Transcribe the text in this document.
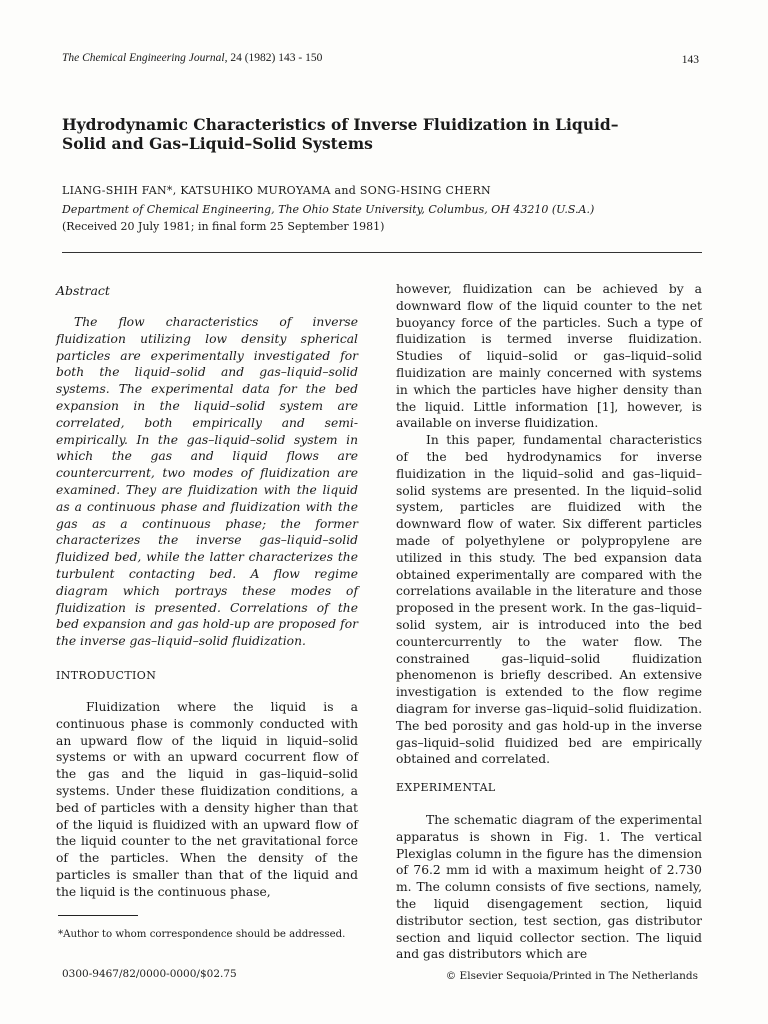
The Chemical Engineering Journal, 24 (1982) 143 - 150	143
Hydrodynamic Characteristics of Inverse Fluidization in Liquid–Solid and Gas–Liquid–Solid Systems
LIANG-SHIH FAN*, KATSUHIKO MUROYAMA and SONG-HSING CHERN
Department of Chemical Engineering, The Ohio State University, Columbus, OH 43210 (U.S.A.)
(Received 20 July 1981; in final form 25 September 1981)
Abstract

The flow characteristics of inverse fluidization utilizing low density spherical particles are experimentally investigated for both the liquid–solid and gas–liquid–solid systems. The experimental data for the bed expansion in the liquid–solid system are correlated, both empirically and semi-empirically. In the gas–liquid–solid system in which the gas and liquid flows are countercurrent, two modes of fluidization are examined. They are fluidization with the liquid as a continuous phase and fluidization with the gas as a continuous phase; the former characterizes the inverse gas–liquid–solid fluidized bed, while the latter characterizes the turbulent contacting bed. A flow regime diagram which portrays these modes of fluidization is presented. Correlations of the bed expansion and gas hold-up are proposed for the inverse gas–liquid–solid fluidization.

INTRODUCTION

Fluidization where the liquid is a continuous phase is commonly conducted with an upward flow of the liquid in liquid–solid systems or with an upward cocurrent flow of the gas and the liquid in gas–liquid–solid systems. Under these fluidization conditions, a bed of particles with a density higher than that of the liquid is fluidized with an upward flow of the liquid counter to the net gravitational force of the particles. When the density of the particles is smaller than that of the liquid and the liquid is the continuous phase,

*Author to whom correspondence should be addressed.

however, fluidization can be achieved by a downward flow of the liquid counter to the net buoyancy force of the particles. Such a type of fluidization is termed inverse fluidization. Studies of liquid–solid or gas–liquid–solid fluidization are mainly concerned with systems in which the particles have higher density than the liquid. Little information [1], however, is available on inverse fluidization.

In this paper, fundamental characteristics of the bed hydrodynamics for inverse fluidization in the liquid–solid and gas–liquid–solid systems are presented. In the liquid–solid system, particles are fluidized with the downward flow of water. Six different particles made of polyethylene or polypropylene are utilized in this study. The bed expansion data obtained experimentally are compared with the correlations available in the literature and those proposed in the present work. In the gas–liquid–solid system, air is introduced into the bed countercurrently to the water flow. The constrained gas–liquid–solid fluidization phenomenon is briefly described. An extensive investigation is extended to the flow regime diagram for inverse gas–liquid–solid fluidization. The bed porosity and gas hold-up in the inverse gas–liquid–solid fluidized bed are empirically obtained and correlated.

EXPERIMENTAL

The schematic diagram of the experimental apparatus is shown in Fig. 1. The vertical Plexiglas column in the figure has the dimension of 76.2 mm id with a maximum height of 2.730 m. The column consists of five sections, namely, the liquid disengagement section, liquid distributor section, test section, gas distributor section and liquid collector section. The liquid and gas distributors which are

0300-9467/82/0000-0000/$02.75	© Elsevier Sequoia/Printed in The Netherlands
